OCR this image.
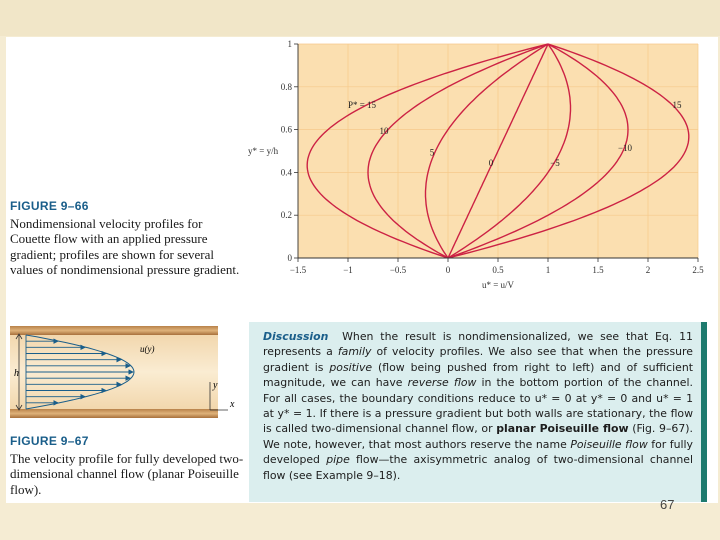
P* = 15
10
5
0	−5
−10
15
−1.5	−1	−0.5	0	0.5	1	1.5	2	2.5
0
0.2
0.4
0.6
0.8
1
y* = y/h
u* = u/V
FIGURE 9–66
Nondimensional velocity profiles for Couette flow with an applied pressure gradient; profiles are shown for several values of nondimensional pressure gradient.
h
u(y)
y
x
FIGURE 9–67
The velocity profile for fully developed two-dimensional channel flow (planar Poiseuille flow).
Discussion When the result is nondimensionalized, we see that Eq. 11 represents a family of velocity profiles. We also see that when the pressure gradient is positive (flow being pushed from right to left) and of sufficient magnitude, we can have reverse flow in the bottom portion of the channel. For all cases, the boundary conditions reduce to u* = 0 at y* = 0 and u* = 1 at y* = 1. If there is a pressure gradient but both walls are stationary, the flow is called two-dimensional channel flow, or planar Poiseuille flow (Fig. 9–67). We note, however, that most authors reserve the name Poiseuille flow for fully developed pipe flow—the axisymmetric analog of two-dimensional channel flow (see Example 9–18).
67
